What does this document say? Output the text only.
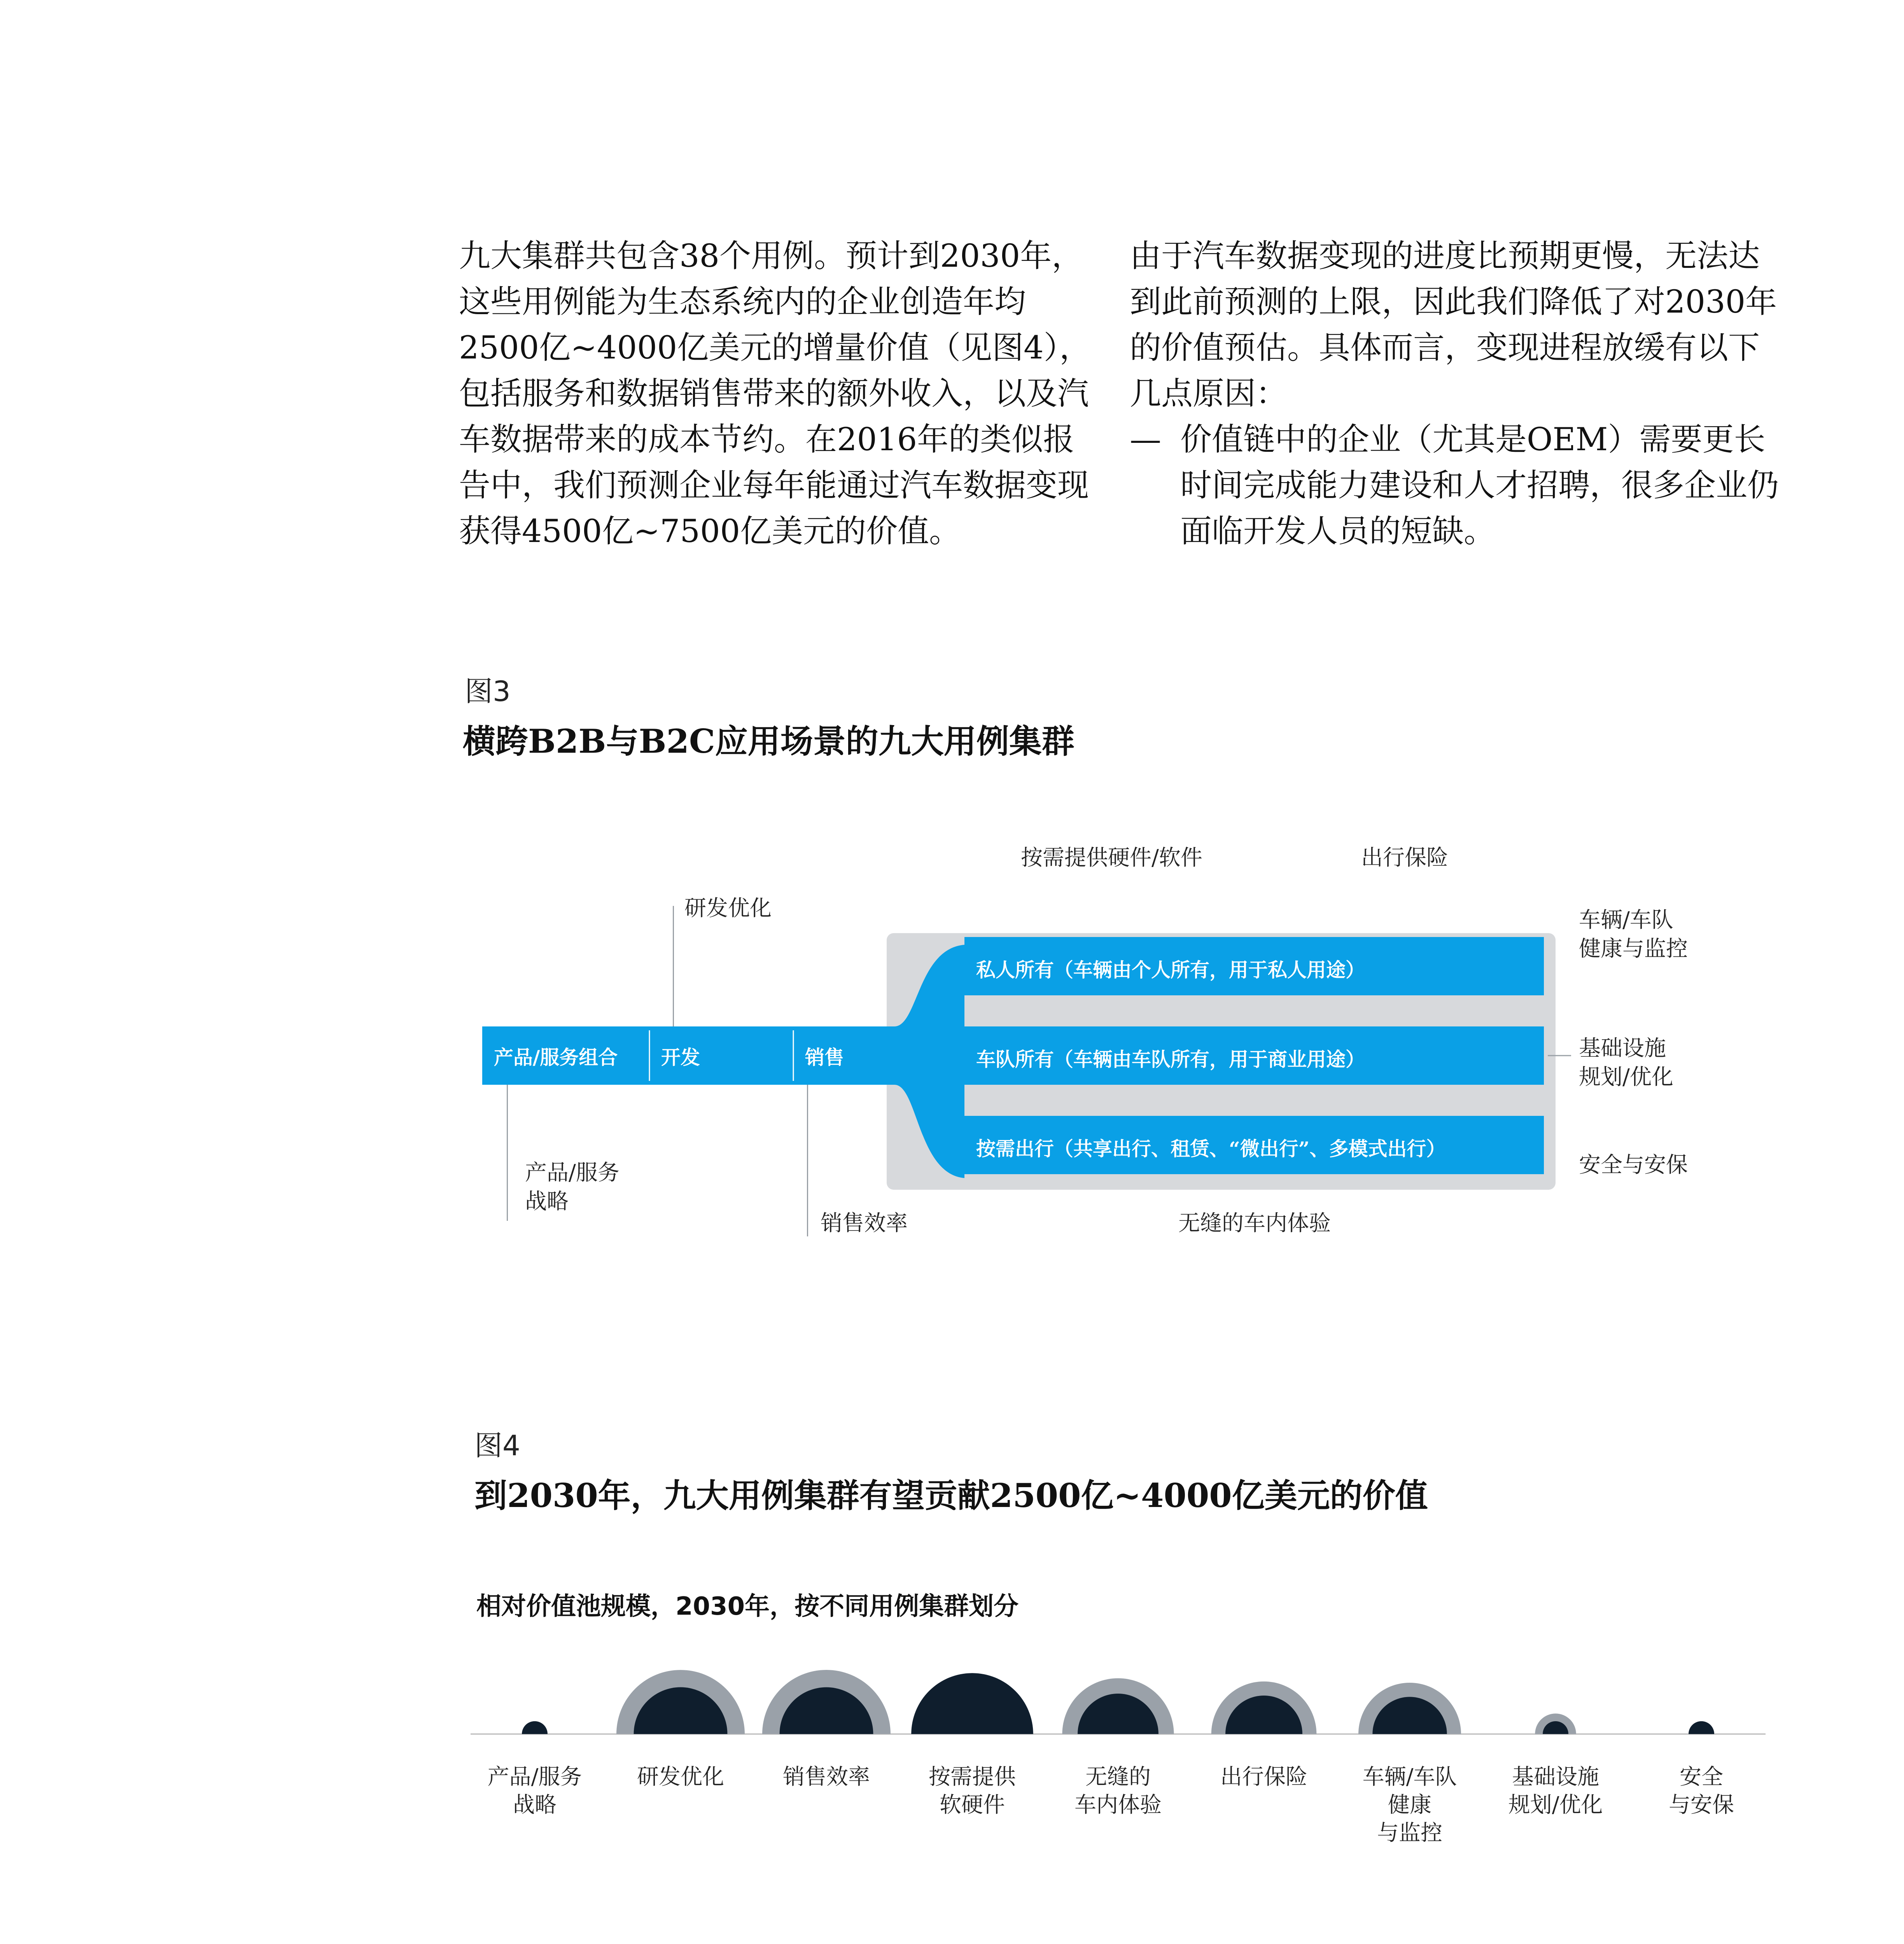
九大集群共包含38个用例。预计到2030年，这些用例能为生态系统内的企业创造年均2500亿~4000亿美元的增量价值（见图4），包括服务和数据销售带来的额外收入，以及汽车数据带来的成本节约。在2016年的类似报告中，我们预测企业每年能通过汽车数据变现获得4500亿~7500亿美元的价值。

由于汽车数据变现的进度比预期更慢，无法达到此前预测的上限，因此我们降低了对2030年的价值预估。具体而言，变现进程放缓有以下几点原因：

— 价值链中的企业（尤其是OEM）需要更长时间完成能力建设和人才招聘，很多企业仍面临开发人员的短缺。
图3
横跨B2B与B2C应用场景的九大用例集群
产品/服务组合 开发	销售
私人所有（车辆由个人所有，用于私人用途）
车队所有（车辆由车队所有，用于商业用途）
按需出行（共享出行、租赁、“微出行”、多模式出行）
按需提供硬件/软件	出行保险
研发优化	车辆/车队
健康与监控
基础设施
规划/优化
安全与安保
产品/服务
战略
销售效率	无缝的车内体验
图4
到2030年，九大用例集群有望贡献2500亿~4000亿美元的价值
相对价值池规模，2030年，按不同用例集群划分
产品/服务
战略
研发优化	销售效率	按需提供
软硬件
无缝的
车内体验
出行保险	车辆/车队
健康
与监控
基础设施
规划/优化
安全
与安保
